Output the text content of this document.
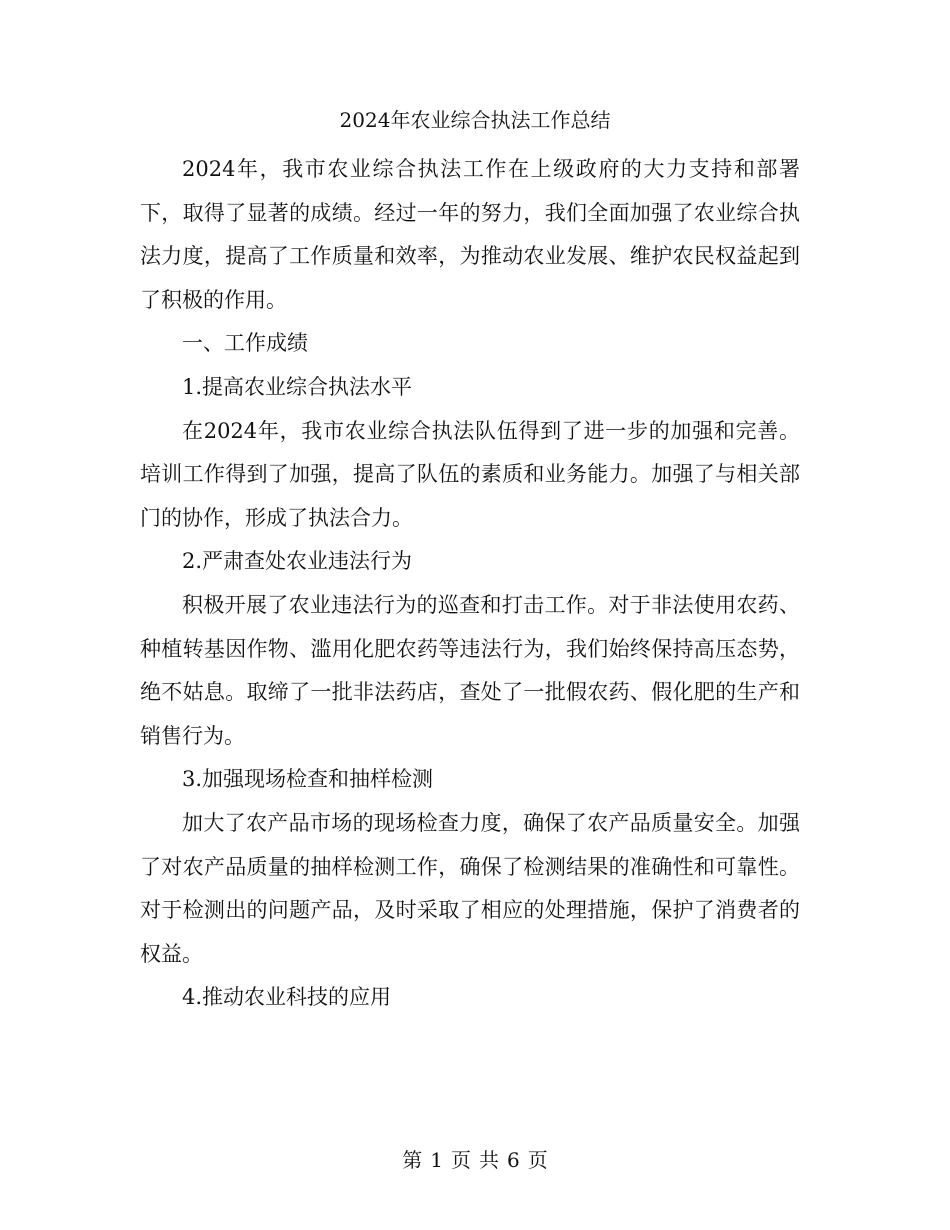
2024年农业综合执法工作总结

2024年，我市农业综合执法工作在上级政府的大力支持和部署下，取得了显著的成绩。经过一年的努力，我们全面加强了农业综合执法力度，提高了工作质量和效率，为推动农业发展、维护农民权益起到了积极的作用。

一、工作成绩

1.提高农业综合执法水平

在2024年，我市农业综合执法队伍得到了进一步的加强和完善。培训工作得到了加强，提高了队伍的素质和业务能力。加强了与相关部门的协作，形成了执法合力。

2.严肃查处农业违法行为

积极开展了农业违法行为的巡查和打击工作。对于非法使用农药、种植转基因作物、滥用化肥农药等违法行为，我们始终保持高压态势，绝不姑息。取缔了一批非法药店，查处了一批假农药、假化肥的生产和销售行为。

3.加强现场检查和抽样检测

加大了农产品市场的现场检查力度，确保了农产品质量安全。加强了对农产品质量的抽样检测工作，确保了检测结果的准确性和可靠性。对于检测出的问题产品，及时采取了相应的处理措施，保护了消费者的权益。

4.推动农业科技的应用

第 1 页 共 6 页
